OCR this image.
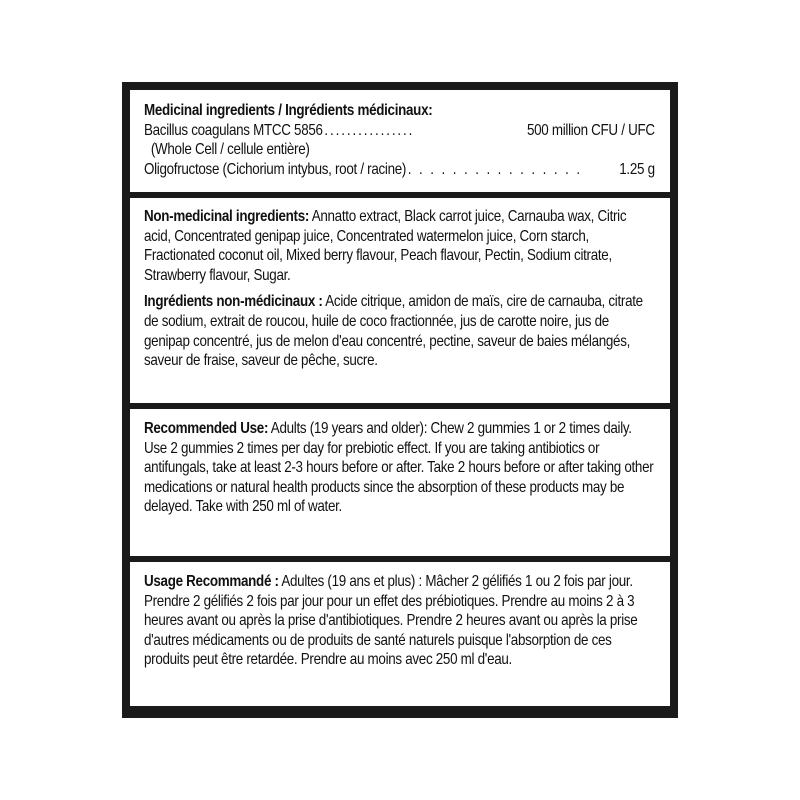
Medicinal ingredients / Ingrédients médicinaux:
Bacillus coagulans MTCC 5856 ................	500 million CFU / UFC
(Whole Cell / cellule entière)
Oligofructose (Cichorium intybus, root / racine) . . . . . . . . . . . . . . . .	1.25 g

Non-medicinal ingredients: Annatto extract, Black carrot juice, Carnauba wax, Citric acid, Concentrated genipap juice, Concentrated watermelon juice, Corn starch, Fractionated coconut oil, Mixed berry flavour, Peach flavour, Pectin, Sodium citrate, Strawberry flavour, Sugar.

Ingrédients non-médicinaux : Acide citrique, amidon de maïs, cire de carnauba, citrate de sodium, extrait de roucou, huile de coco fractionnée, jus de carotte noire, jus de genipap concentré, jus de melon d'eau concentré, pectine, saveur de baies mélangés, saveur de fraise, saveur de pêche, sucre.

Recommended Use: Adults (19 years and older): Chew 2 gummies 1 or 2 times daily. Use 2 gummies 2 times per day for prebiotic effect. If you are taking antibiotics or antifungals, take at least 2-3 hours before or after. Take 2 hours before or after taking other medications or natural health products since the absorption of these products may be delayed. Take with 250 ml of water.

Usage Recommandé : Adultes (19 ans et plus) : Mâcher 2 gélifiés 1 ou 2 fois par jour. Prendre 2 gélifiés 2 fois par jour pour un effet des prébiotiques. Prendre au moins 2 à 3 heures avant ou après la prise d'antibiotiques. Prendre 2 heures avant ou après la prise d'autres médicaments ou de produits de santé naturels puisque l'absorption de ces produits peut être retardée. Prendre au moins avec 250 ml d'eau.
